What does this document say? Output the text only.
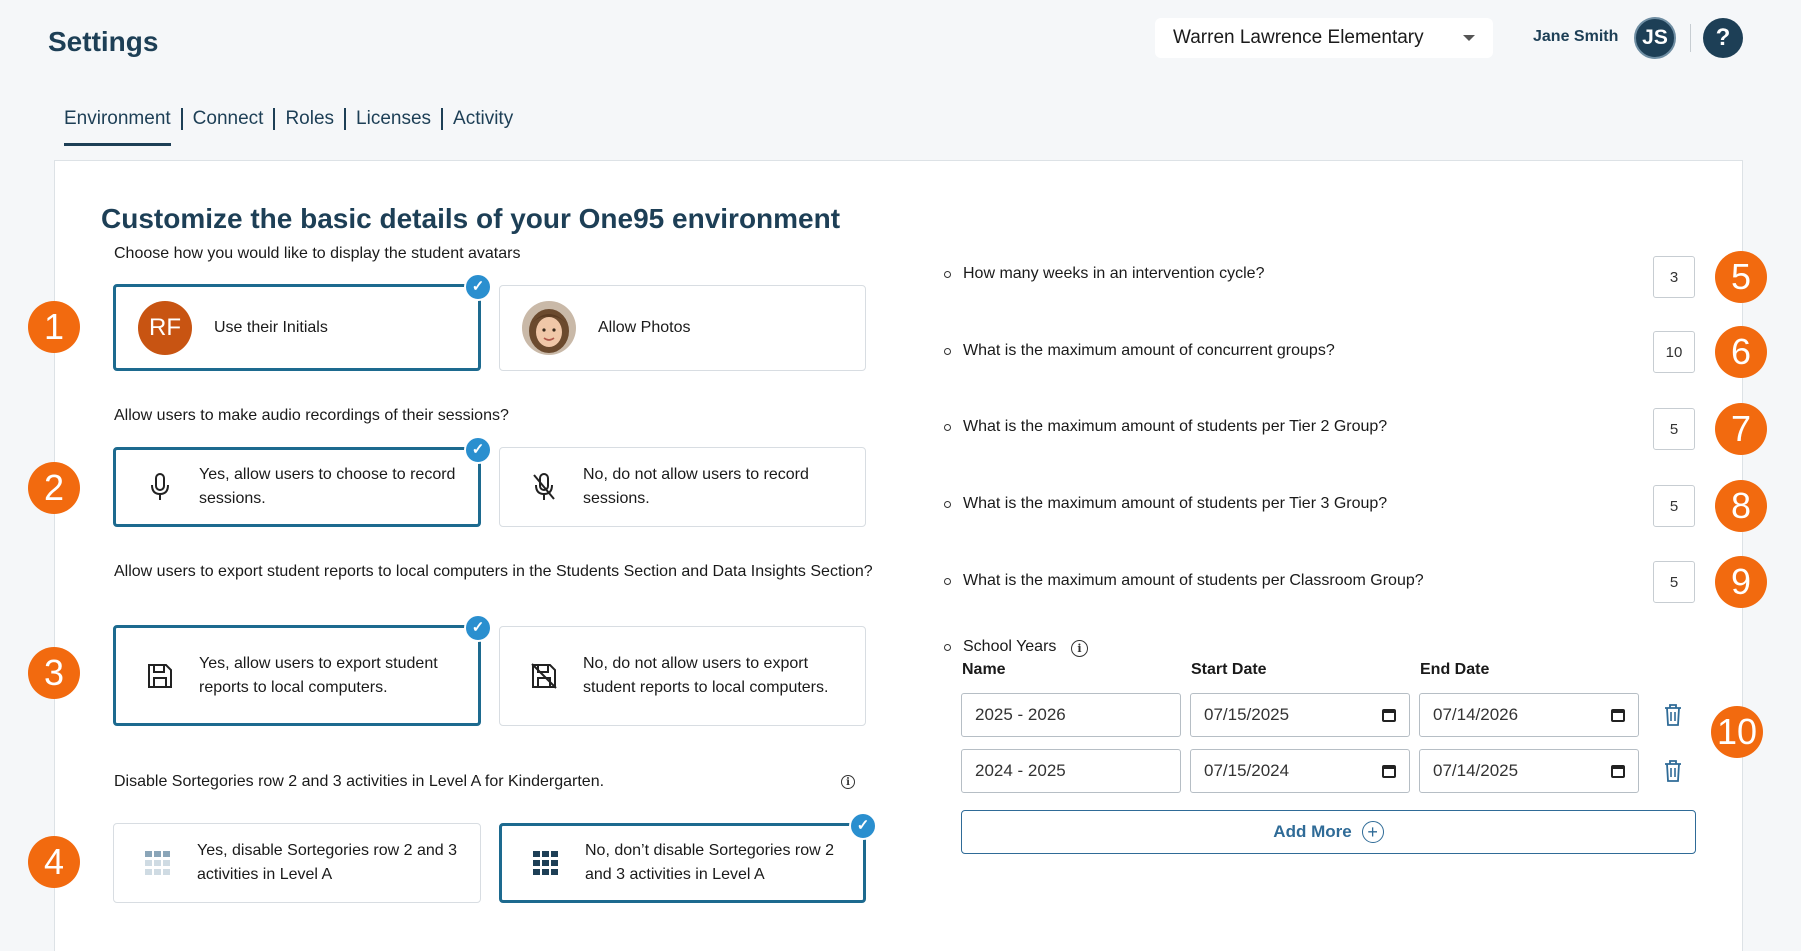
Settings	Warren Lawrence Elementary	Jane Smith	JS	?
Environment	Connect	Roles	Licenses	Activity
Customize the basic details of your One95 environment
Choose how you would like to display the student avatars
RF	Use their Initials
✓
Allow Photos
Allow users to make audio recordings of their sessions?
Yes, allow users to choose to record sessions.
✓
No, do not allow users to record sessions.
Allow users to export student reports to local computers in the Students Section and Data Insights Section?
Yes, allow users to export student reports to local computers.
✓
No, do not allow users to export student reports to local computers.
Disable Sortegories row 2 and 3 activities in Level A for Kindergarten.	i
Yes, disable Sortegories row 2 and 3 activities in Level A
No, don’t disable Sortegories row 2 and 3 activities in Level A
✓
How many weeks in an intervention cycle?	3
What is the maximum amount of concurrent groups?	10
What is the maximum amount of students per Tier 2 Group?	5
What is the maximum amount of students per Tier 3 Group?	5
What is the maximum amount of students per Classroom Group?	5
School Years	i
Name	Start Date	End Date
2025 - 2026	07/15/2025	07/14/2026
2024 - 2025	07/15/2024	07/14/2025
Add More +
1
2
3
4
5
6
7
8
9
10
